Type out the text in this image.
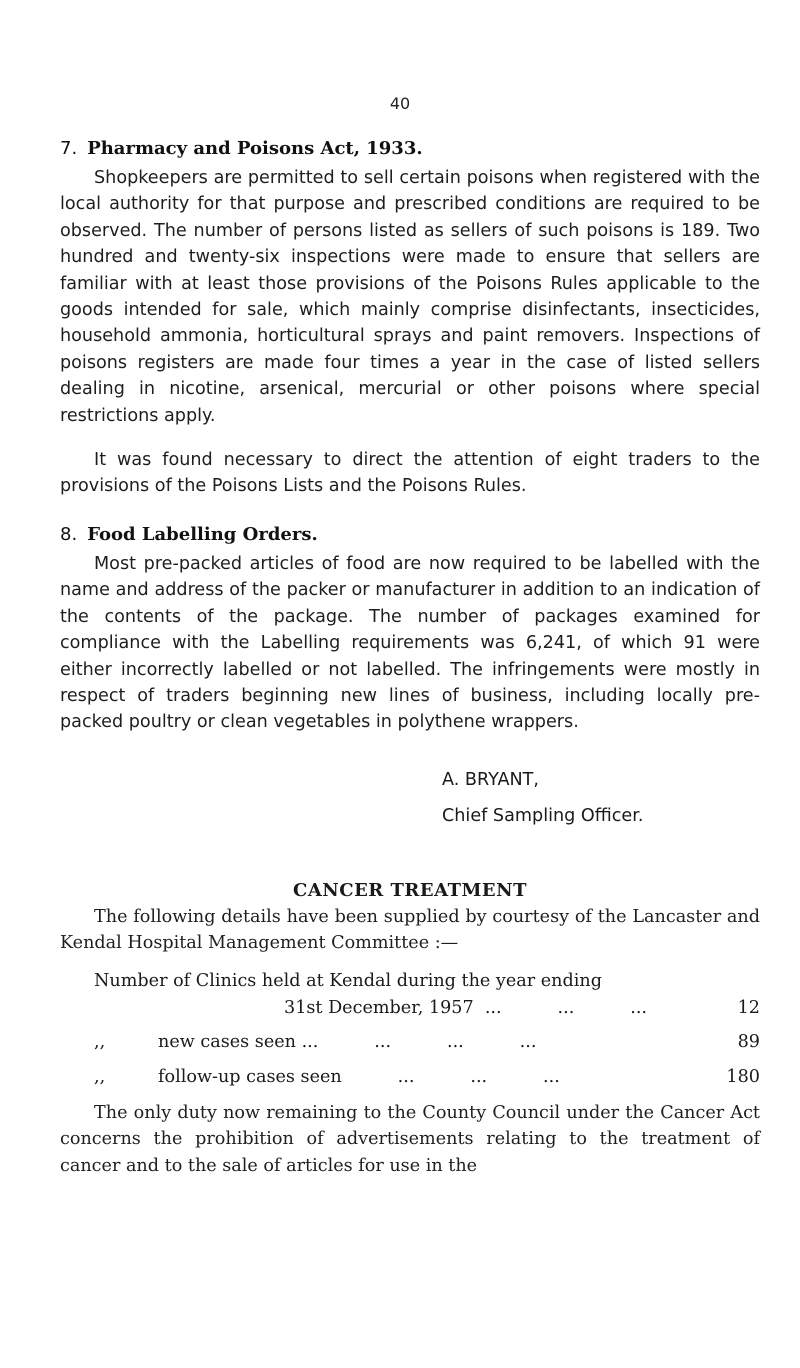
40
7. Pharmacy and Poisons Act, 1933.

Shopkeepers are permitted to sell certain poisons when registered with the local authority for that purpose and prescribed conditions are required to be observed. The number of persons listed as sellers of such poisons is 189. Two hundred and twenty-six inspections were made to ensure that sellers are familiar with at least those provisions of the Poisons Rules applicable to the goods intended for sale, which mainly comprise disinfectants, insecticides, household ammonia, horticultural sprays and paint removers. Inspections of poisons registers are made four times a year in the case of listed sellers dealing in nicotine, arsenical, mercurial or other poisons where special restrictions apply.

It was found necessary to direct the attention of eight traders to the provisions of the Poisons Lists and the Poisons Rules.

8. Food Labelling Orders.

Most pre-packed articles of food are now required to be labelled with the name and address of the packer or manufacturer in addition to an indication of the contents of the package. The number of packages examined for compliance with the Labelling requirements was 6,241, of which 91 were either incorrectly labelled or not labelled. The infringements were mostly in respect of traders beginning new lines of business, including locally pre-packed poultry or clean vegetables in polythene wrappers.

A. BRYANT,
Chief Sampling Officer.
CANCER TREATMENT

The following details have been supplied by courtesy of the Lancaster and Kendal Hospital Management Committee :—

Number of Clinics held at Kendal during the year ending
31st December, 1957  ...          ...          ...	12
,,	new cases seen ...          ...          ...          ...	89
,,	follow-up cases seen          ...          ...          ...	180

The only duty now remaining to the County Council under the Cancer Act concerns the prohibition of advertisements relating to the treatment of cancer and to the sale of articles for use in the
